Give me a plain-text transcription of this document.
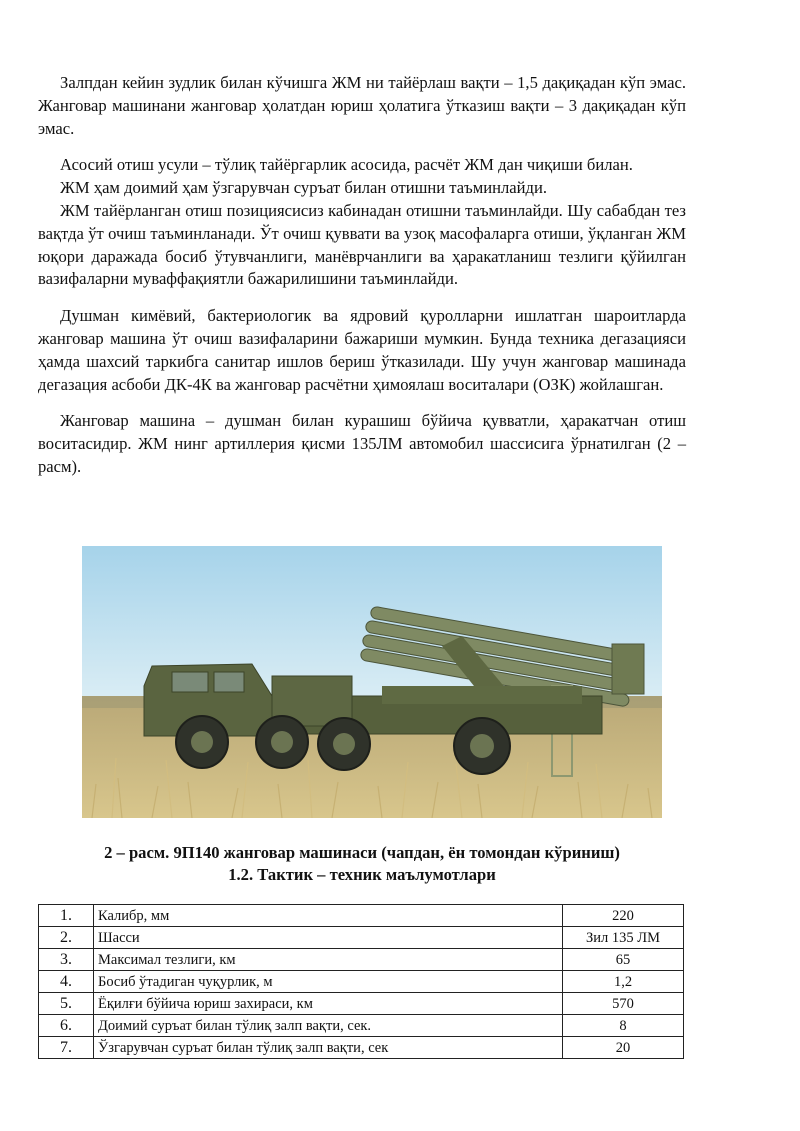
Залпдан кейин зудлик билан кўчишга ЖМ ни тайёрлаш вақти – 1,5 дақиқадан кўп эмас. Жанговар машинани жанговар ҳолатдан юриш ҳолатига ўтказиш вақти – 3 дақиқадан кўп эмас.

Асосий отиш усули – тўлиқ тайёргарлик асосида, расчёт ЖМ дан чиқиши билан.

ЖМ ҳам доимий ҳам ўзгарувчан суръат билан отишни таъминлайди.

ЖМ тайёрланган отиш позициясисиз кабинадан отишни таъминлайди. Шу сабабдан тез вақтда ўт очиш таъминланади. Ўт очиш қуввати ва узоқ масофаларга отиши, ўқланган ЖМ юқори даражада босиб ўтувчанлиги, манёврчанлиги ва ҳаракатланиш тезлиги қўйилган вазифаларни муваффақиятли бажарилишини таъминлайди.

Душман кимёвий, бактериологик ва ядровий қуролларни ишлатган шароитларда жанговар машина ўт очиш вазифаларини бажариши мумкин. Бунда техника дегазацияси ҳамда шахсий таркибга санитар ишлов бериш ўтказилади. Шу учун жанговар машинада дегазация асбоби ДК-4К ва жанговар расчётни ҳимоялаш воситалари (ОЗК) жойлашган.

Жанговар машина – душман билан курашиш бўйича қувватли, ҳаракатчан отиш воситасидир. ЖМ нинг артиллерия қисми 135ЛМ автомобил шассисига ўрнатилган (2 – расм).

2 – расм. 9П140 жанговар машинаси (чапдан, ён томондан кўриниш)
1.2. Тактик – техник маълумотлари
1.	Калибр, мм	220
2.	Шасси	Зил 135 ЛМ
3.	Максимал тезлиги, км	65
4.	Босиб ўтадиган чуқурлик, м	1,2
5.	Ёқилғи бўйича юриш захираси, км	570
6.	Доимий суръат билан тўлиқ залп вақти, сек.	8
7.	Ўзгарувчан суръат билан тўлиқ залп вақти, сек	20
